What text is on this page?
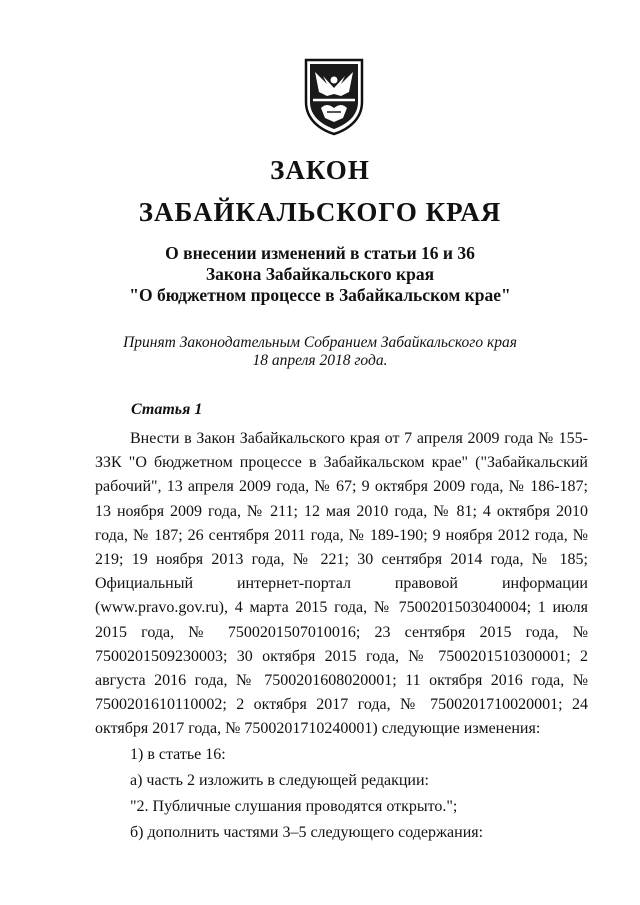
ЗАКОН
ЗАБАЙКАЛЬСКОГО КРАЯ
О внесении изменений в статьи 16 и 36
Закона Забайкальского края
"О бюджетном процессе в Забайкальском крае"
Принят Законодательным Собранием Забайкальского края
18 апреля 2018 года.
Статья 1

Внести в Закон Забайкальского края от 7 апреля 2009 года № 155-ЗЗК "О бюджетном процессе в Забайкальском крае" ("Забайкальский рабочий", 13 апреля 2009 года, № 67; 9 октября 2009 года, № 186-187; 13 ноября 2009 года, № 211; 12 мая 2010 года, № 81; 4 октября 2010 года, № 187; 26 сентября 2011 года, № 189-190; 9 ноября 2012 года, № 219; 19 ноября 2013 года, № 221; 30 сентября 2014 года, № 185; Официальный интернет-портал правовой информации (www.pravo.gov.ru), 4 марта 2015 года, № 7500201503040004; 1 июля 2015 года, № 7500201507010016; 23 сентября 2015 года, № 7500201509230003; 30 октября 2015 года, № 7500201510300001; 2 августа 2016 года, № 7500201608020001; 11 октября 2016 года, № 7500201610110002; 2 октября 2017 года, № 7500201710020001; 24 октября 2017 года, № 7500201710240001) следующие изменения:

1) в статье 16:

а) часть 2 изложить в следующей редакции:

"2. Публичные слушания проводятся открыто.";

б) дополнить частями 3–5 следующего содержания:
